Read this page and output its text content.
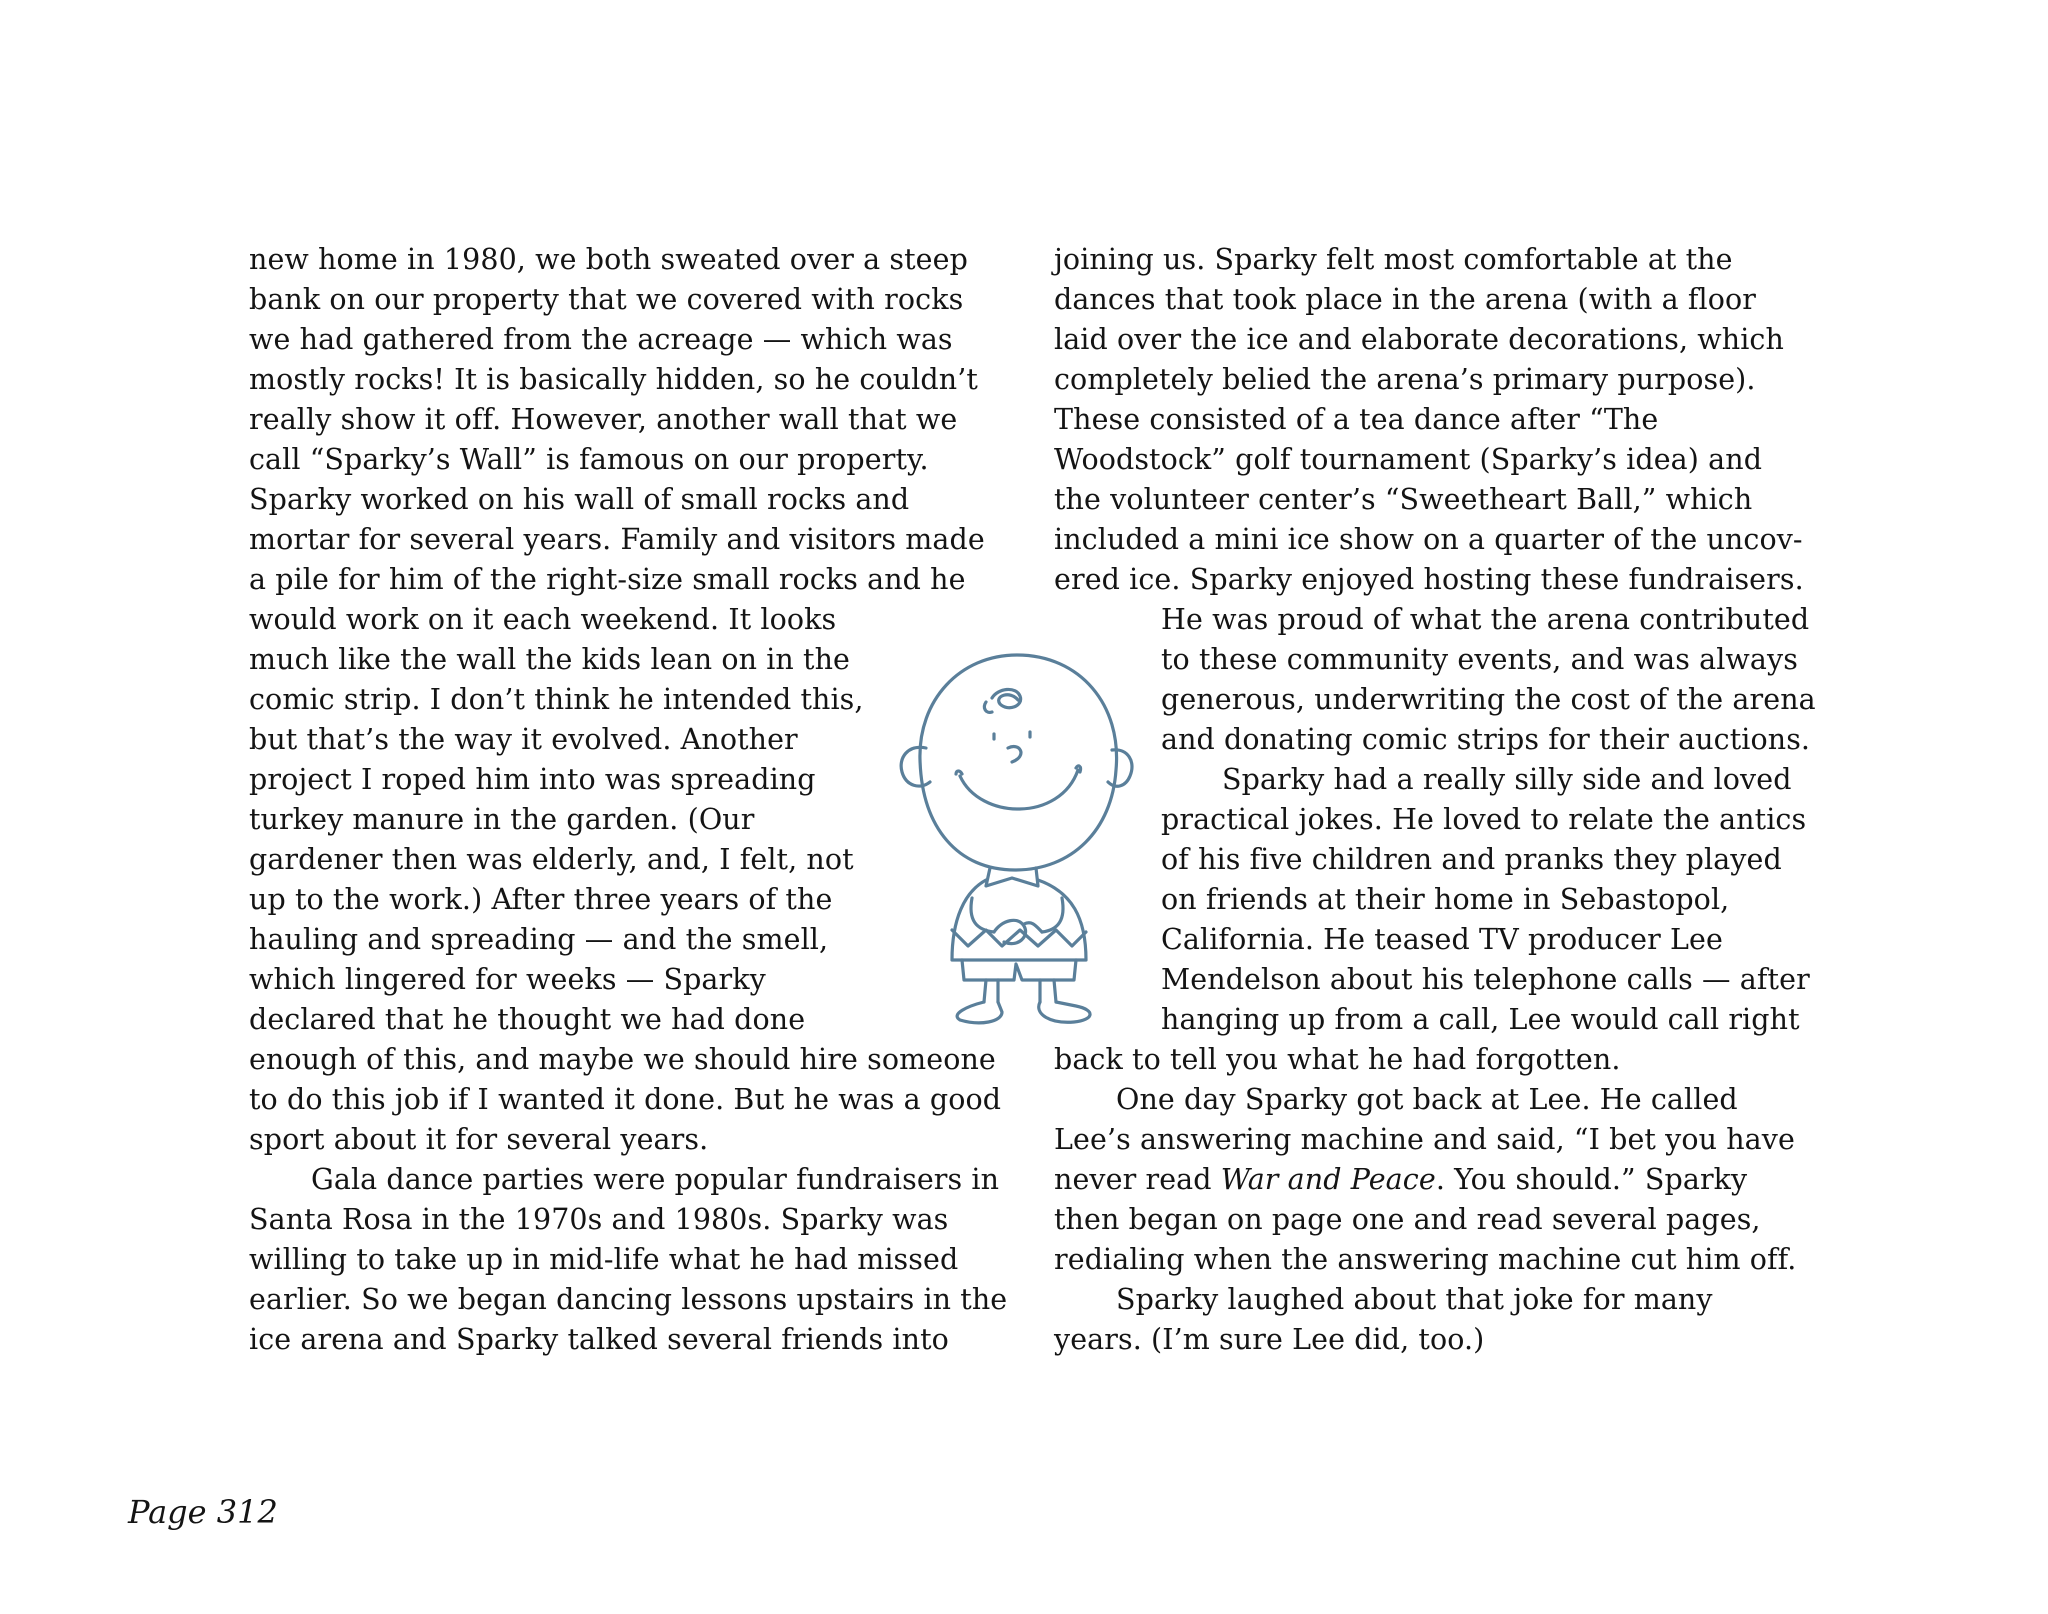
new home in 1980, we both sweated over a steep
bank on our property that we covered with rocks
we had gathered from the acreage — which was
mostly rocks! It is basically hidden, so he couldn’t
really show it off. However, another wall that we
call “Sparky’s Wall” is famous on our property.
Sparky worked on his wall of small rocks and
mortar for several years. Family and visitors made
a pile for him of the right-size small rocks and he
would work on it each weekend. It looks
much like the wall the kids lean on in the
comic strip. I don’t think he intended this,
but that’s the way it evolved. Another
project I roped him into was spreading
turkey manure in the garden. (Our
gardener then was elderly, and, I felt, not
up to the work.) After three years of the
hauling and spreading — and the smell,
which lingered for weeks — Sparky
declared that he thought we had done
enough of this, and maybe we should hire someone
to do this job if I wanted it done. But he was a good
sport about it for several years.
Gala dance parties were popular fundraisers in
Santa Rosa in the 1970s and 1980s. Sparky was
willing to take up in mid-life what he had missed
earlier. So we began dancing lessons upstairs in the
ice arena and Sparky talked several friends into
joining us. Sparky felt most comfortable at the
dances that took place in the arena (with a floor
laid over the ice and elaborate decorations, which
completely belied the arena’s primary purpose).
These consisted of a tea dance after “The
Woodstock” golf tournament (Sparky’s idea) and
the volunteer center’s “Sweetheart Ball,” which
included a mini ice show on a quarter of the uncov-
ered ice. Sparky enjoyed hosting these fundraisers.
He was proud of what the arena contributed
to these community events, and was always
generous, underwriting the cost of the arena
and donating comic strips for their auctions.
Sparky had a really silly side and loved
practical jokes. He loved to relate the antics
of his five children and pranks they played
on friends at their home in Sebastopol,
California. He teased TV producer Lee
Mendelson about his telephone calls — after
hanging up from a call, Lee would call right
back to tell you what he had forgotten.
One day Sparky got back at Lee. He called
Lee’s answering machine and said, “I bet you have
never read War and Peace. You should.” Sparky
then began on page one and read several pages,
redialing when the answering machine cut him off.
Sparky laughed about that joke for many
years. (I’m sure Lee did, too.)
Page 312
